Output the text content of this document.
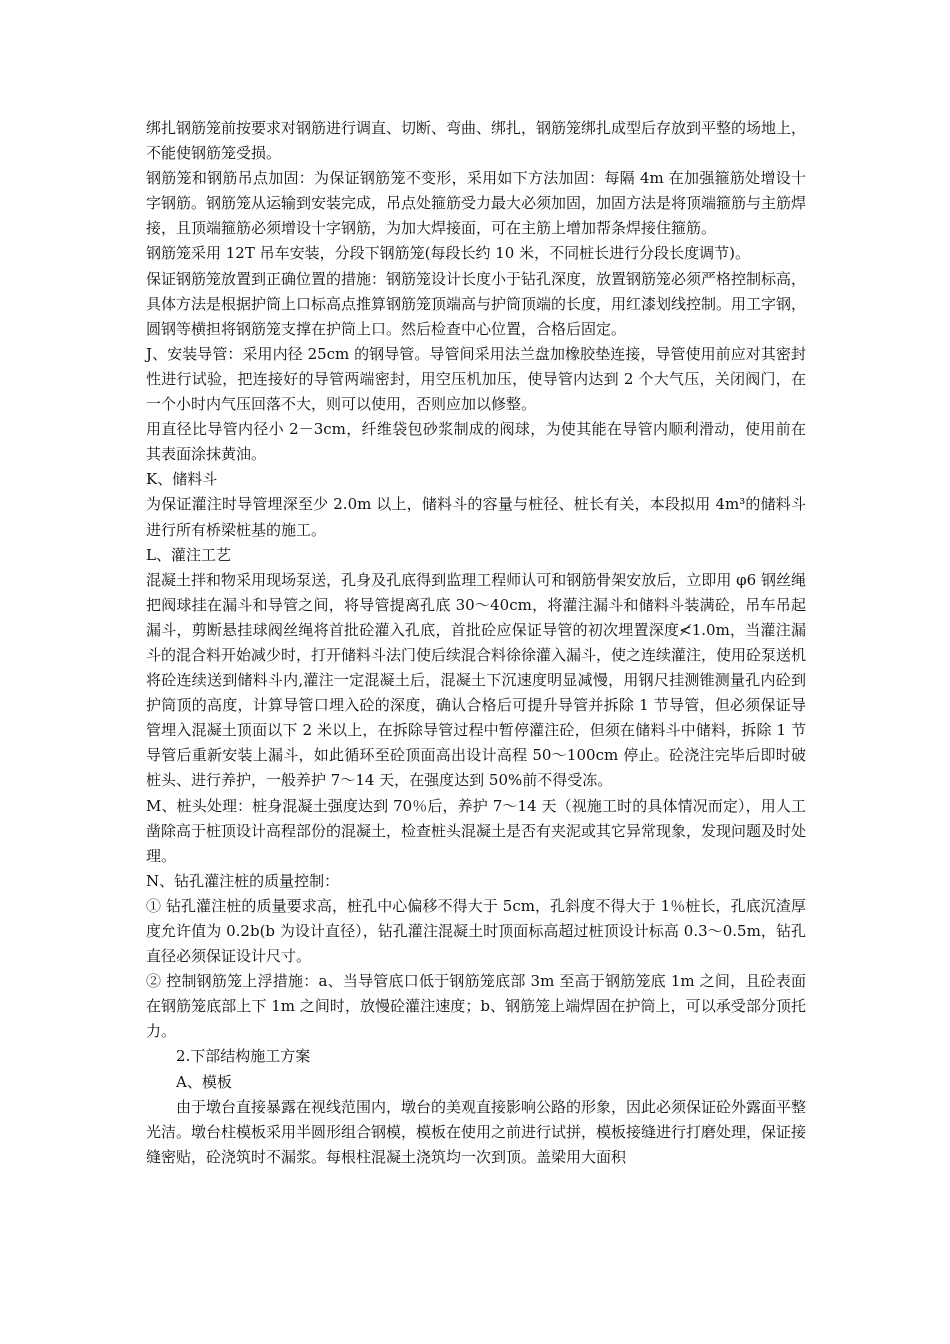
绑扎钢筋笼前按要求对钢筋进行调直、切断、弯曲、绑扎，钢筋笼绑扎成型后存放到平整的场地上，不能使钢筋笼受损。

钢筋笼和钢筋吊点加固：为保证钢筋笼不变形，采用如下方法加固：每隔 4m 在加强箍筋处增设十字钢筋。钢筋笼从运输到安装完成，吊点处箍筋受力最大必须加固，加固方法是将顶端箍筋与主筋焊接，且顶端箍筋必须增设十字钢筋，为加大焊接面，可在主筋上增加帮条焊接住箍筋。

钢筋笼采用 12T 吊车安装，分段下钢筋笼(每段长约 10 米，不同桩长进行分段长度调节)。

保证钢筋笼放置到正确位置的措施：钢筋笼设计长度小于钻孔深度，放置钢筋笼必须严格控制标高，具体方法是根据护筒上口标高点推算钢筋笼顶端高与护筒顶端的长度，用红漆划线控制。用工字钢，圆钢等横担将钢筋笼支撑在护筒上口。然后检查中心位置，合格后固定。

J、安装导管：采用内径 25cm 的钢导管。导管间采用法兰盘加橡胶垫连接，导管使用前应对其密封性进行试验，把连接好的导管两端密封，用空压机加压，使导管内达到 2 个大气压，关闭阀门，在一个小时内气压回落不大，则可以使用，否则应加以修整。

用直径比导管内径小 2－3cm，纤维袋包砂浆制成的阀球，为使其能在导管内顺利滑动，使用前在其表面涂抹黄油。

K、储料斗

为保证灌注时导管埋深至少 2.0m 以上，储料斗的容量与桩径、桩长有关，本段拟用 4m³的储料斗进行所有桥梁桩基的施工。

L、灌注工艺

混凝土拌和物采用现场泵送，孔身及孔底得到监理工程师认可和钢筋骨架安放后，立即用 φ6 钢丝绳把阀球挂在漏斗和导管之间，将导管提离孔底 30～40cm，将灌注漏斗和储料斗装满砼，吊车吊起漏斗，剪断悬挂球阀丝绳将首批砼灌入孔底，首批砼应保证导管的初次埋置深度≮1.0m，当灌注漏斗的混合料开始减少时，打开储料斗法门使后续混合料徐徐灌入漏斗，使之连续灌注，使用砼泵送机将砼连续送到储料斗内,灌注一定混凝土后，混凝土下沉速度明显减慢，用钢尺挂测锥测量孔内砼到护筒顶的高度，计算导管口埋入砼的深度，确认合格后可提升导管并拆除 1 节导管，但必须保证导管埋入混凝土顶面以下 2 米以上，在拆除导管过程中暂停灌注砼，但须在储料斗中储料，拆除 1 节导管后重新安装上漏斗，如此循环至砼顶面高出设计高程 50～100cm 停止。砼浇注完毕后即时破桩头、进行养护，一般养护 7～14 天，在强度达到 50%前不得受冻。

M、桩头处理：桩身混凝土强度达到 70％后，养护 7～14 天（视施工时的具体情况而定），用人工凿除高于桩顶设计高程部份的混凝土，检查桩头混凝土是否有夹泥或其它异常现象，发现问题及时处理。

N、钻孔灌注桩的质量控制：

① 钻孔灌注桩的质量要求高，桩孔中心偏移不得大于 5cm，孔斜度不得大于 1％桩长，孔底沉渣厚度允许值为 0.2b(b 为设计直径），钻孔灌注混凝土时顶面标高超过桩顶设计标高 0.3～0.5m，钻孔直径必须保证设计尺寸。

② 控制钢筋笼上浮措施：a、当导管底口低于钢筋笼底部 3m 至高于钢筋笼底 1m 之间，且砼表面在钢筋笼底部上下 1m 之间时，放慢砼灌注速度；b、钢筋笼上端焊固在护筒上，可以承受部分顶托力。

2.下部结构施工方案

A、模板

由于墩台直接暴露在视线范围内，墩台的美观直接影响公路的形象，因此必须保证砼外露面平整光洁。墩台柱模板采用半圆形组合钢模，模板在使用之前进行试拼，模板接缝进行打磨处理，保证接缝密贴，砼浇筑时不漏浆。每根柱混凝土浇筑均一次到顶。盖梁用大面积
